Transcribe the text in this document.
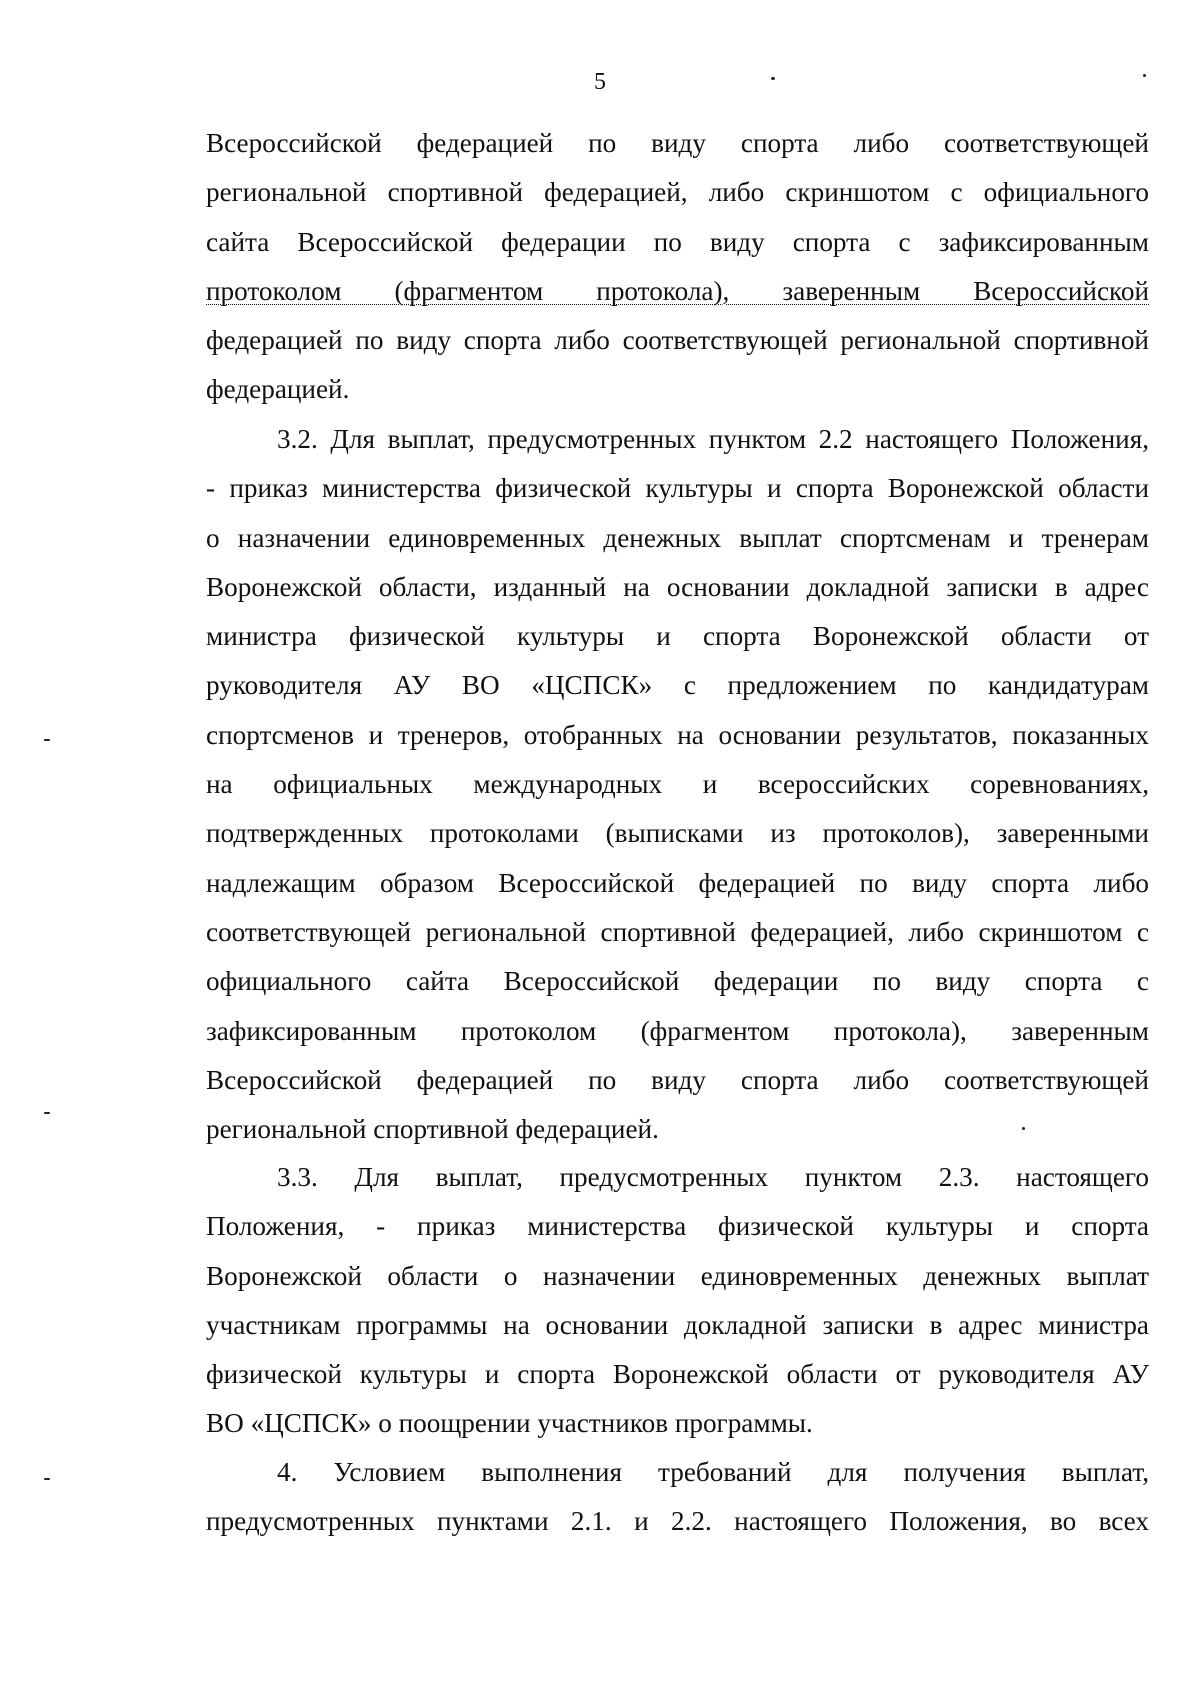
5
Всероссийской федерацией по виду спорта либо соответствующей
региональной спортивной федерацией, либо скриншотом с официального
сайта Всероссийской федерации по виду спорта с зафиксированным
протоколом (фрагментом протокола), заверенным Всероссийской
федерацией по виду спорта либо соответствующей региональной спортивной
федерацией.
3.2. Для выплат, предусмотренных пунктом 2.2 настоящего Положения,
- приказ министерства физической культуры и спорта Воронежской области
о назначении единовременных денежных выплат спортсменам и тренерам
Воронежской области, изданный на основании докладной записки в адрес
министра физической культуры и спорта Воронежской области от
руководителя АУ ВО «ЦСПСК» с предложением по кандидатурам
спортсменов и тренеров, отобранных на основании результатов, показанных
на официальных международных и всероссийских соревнованиях,
подтвержденных протоколами (выписками из протоколов), заверенными
надлежащим образом Всероссийской федерацией по виду спорта либо
соответствующей региональной спортивной федерацией, либо скриншотом с
официального сайта Всероссийской федерации по виду спорта с
зафиксированным протоколом (фрагментом протокола), заверенным
Всероссийской федерацией по виду спорта либо соответствующей
региональной спортивной федерацией.
3.3. Для выплат, предусмотренных пунктом 2.3. настоящего
Положения, - приказ министерства физической культуры и спорта
Воронежской области о назначении единовременных денежных выплат
участникам программы на основании докладной записки в адрес министра
физической культуры и спорта Воронежской области от руководителя АУ
ВО «ЦСПСК» о поощрении участников программы.
4. Условием выполнения требований для получения выплат,
предусмотренных пунктами 2.1. и 2.2. настоящего Положения, во всех
